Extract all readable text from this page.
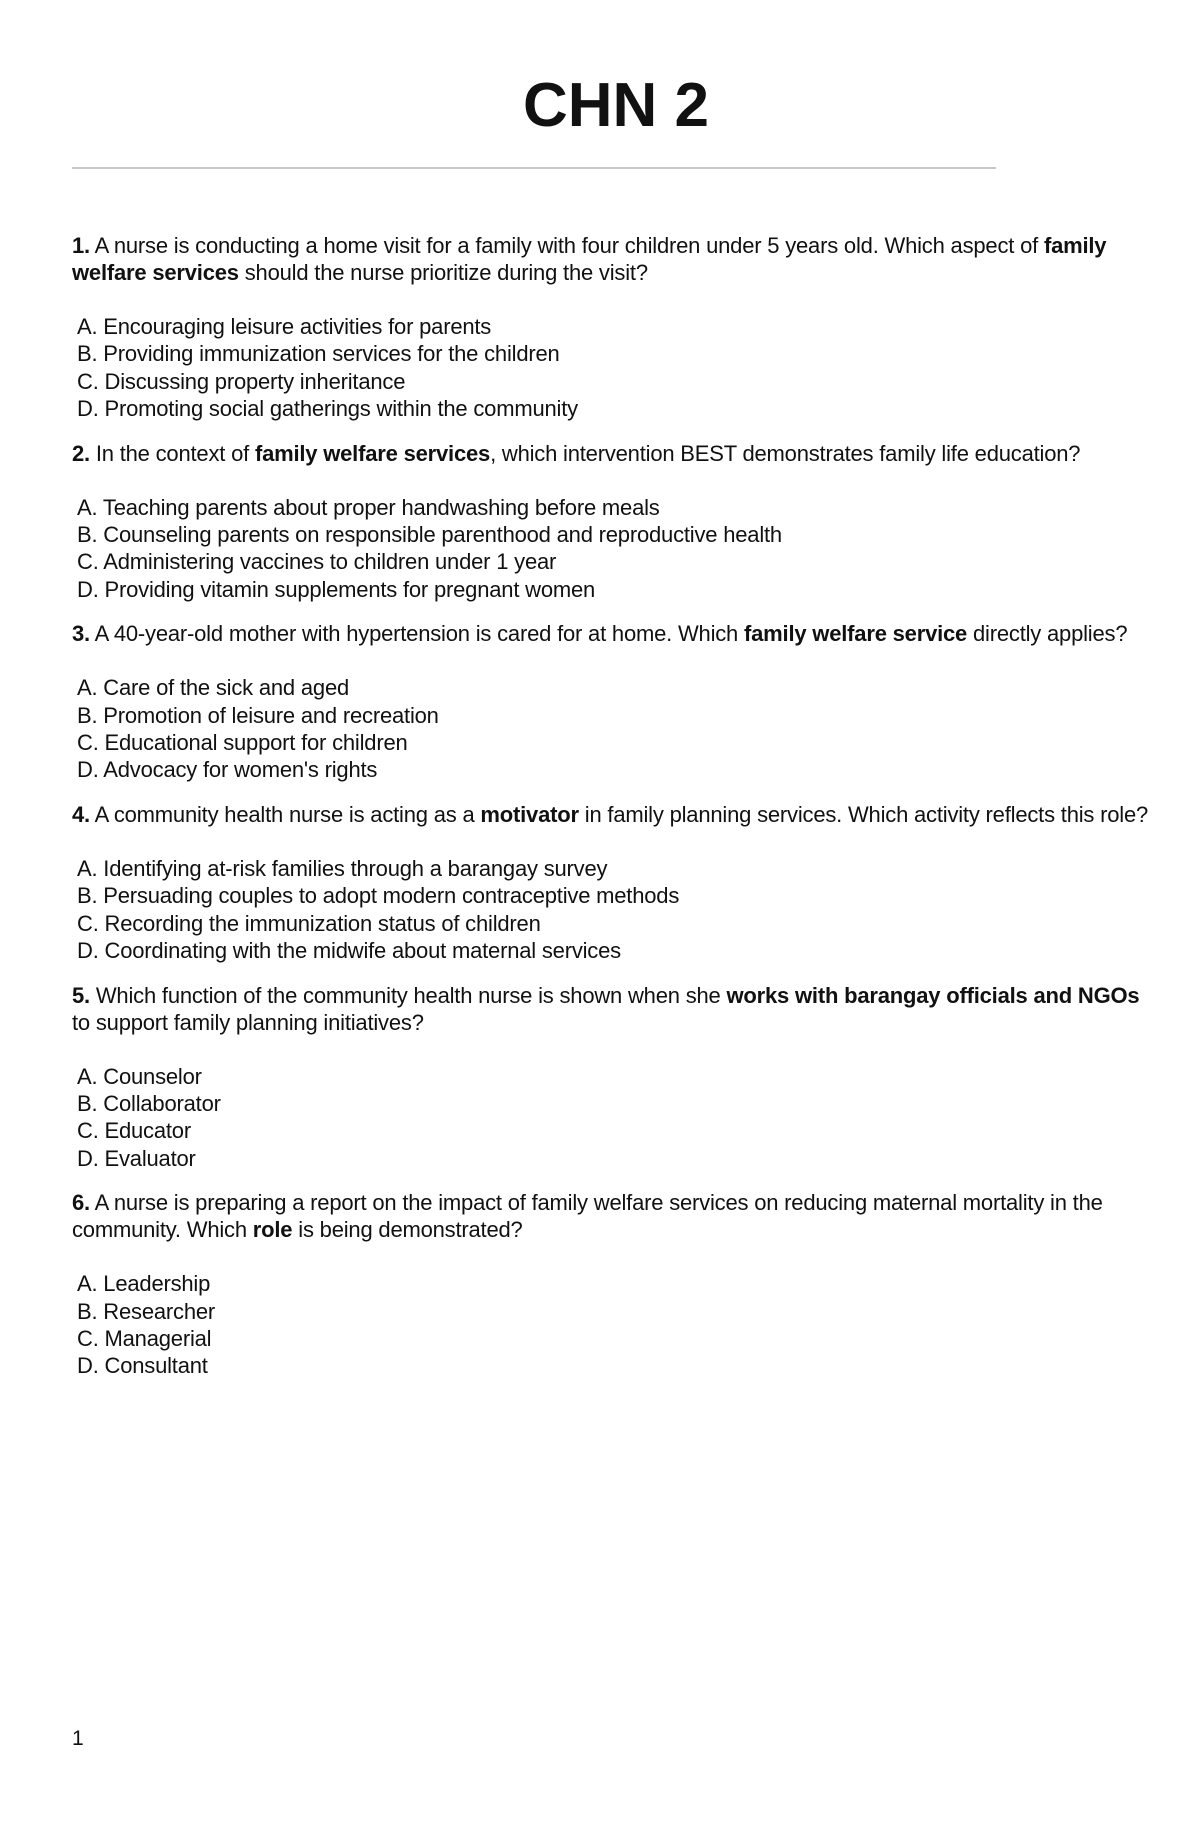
CHN 2

1. A nurse is conducting a home visit for a family with four children under 5 years old. Which aspect of family welfare services should the nurse prioritize during the visit?

A. Encouraging leisure activities for parents
B. Providing immunization services for the children
C. Discussing property inheritance
D. Promoting social gatherings within the community

2. In the context of family welfare services, which intervention BEST demonstrates family life education?

A. Teaching parents about proper handwashing before meals
B. Counseling parents on responsible parenthood and reproductive health
C. Administering vaccines to children under 1 year
D. Providing vitamin supplements for pregnant women

3. A 40-year-old mother with hypertension is cared for at home. Which family welfare service directly applies?

A. Care of the sick and aged
B. Promotion of leisure and recreation
C. Educational support for children
D. Advocacy for women's rights

4. A community health nurse is acting as a motivator in family planning services. Which activity reflects this role?

A. Identifying at-risk families through a barangay survey
B. Persuading couples to adopt modern contraceptive methods
C. Recording the immunization status of children
D. Coordinating with the midwife about maternal services

5. Which function of the community health nurse is shown when she works with barangay officials and NGOs to support family planning initiatives?

A. Counselor
B. Collaborator
C. Educator
D. Evaluator

6. A nurse is preparing a report on the impact of family welfare services on reducing maternal mortality in the community. Which role is being demonstrated?

A. Leadership
B. Researcher
C. Managerial
D. Consultant
1
